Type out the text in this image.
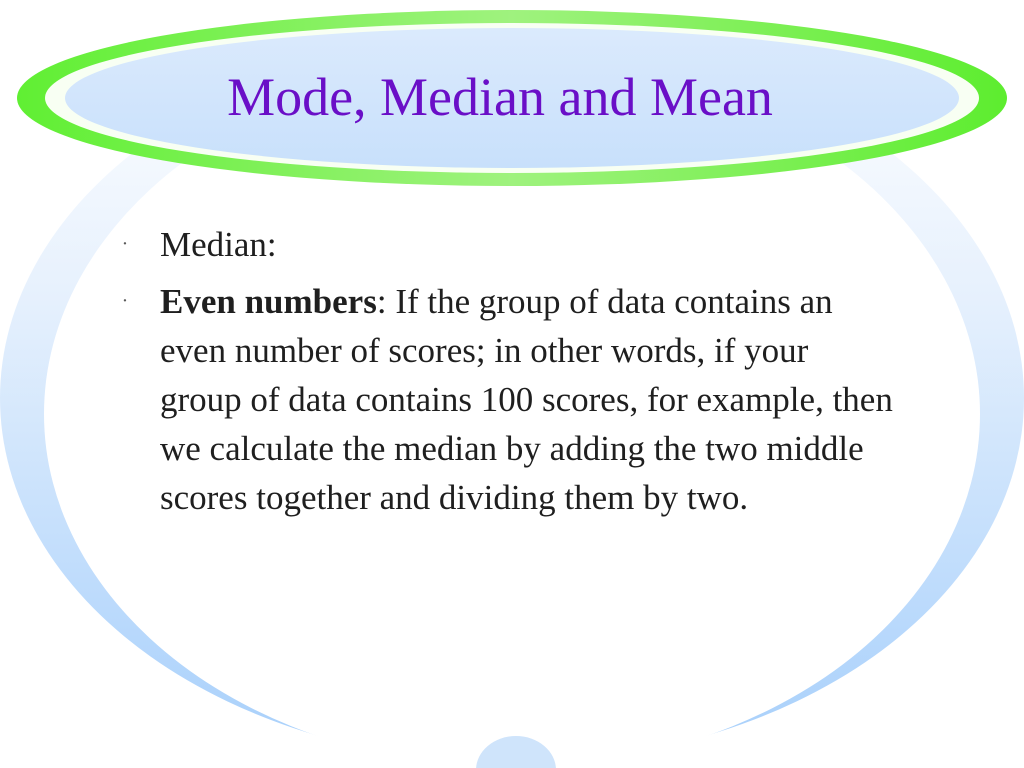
Mode, Median and Mean
· Median:
· Even numbers: If the group of data contains an even number of scores; in other words, if your group of data contains 100 scores, for example, then we calculate the median by adding the two middle scores together and dividing them by two.
